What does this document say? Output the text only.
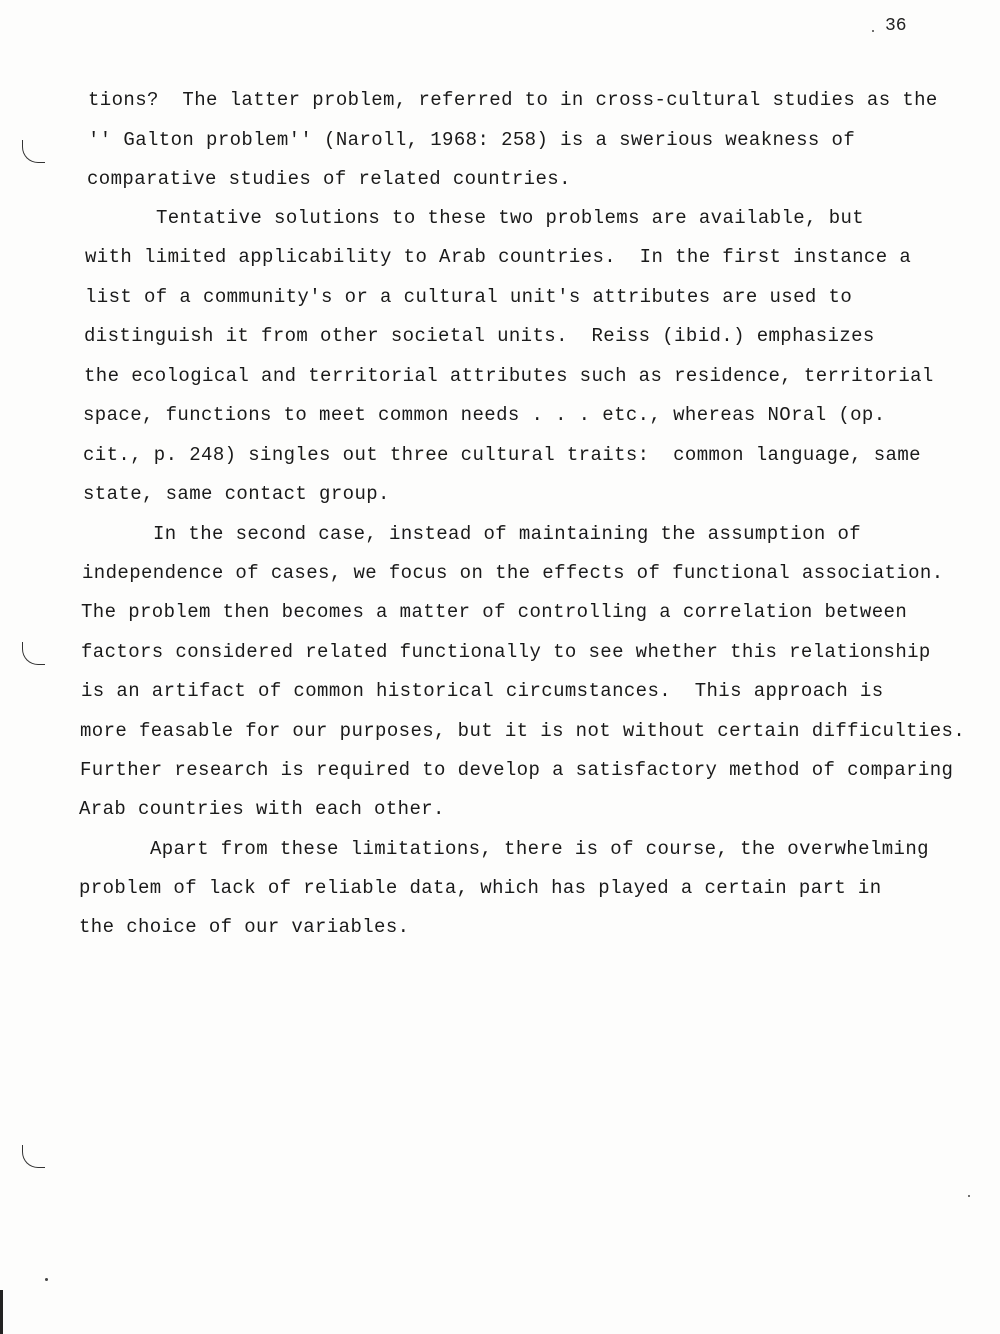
36
tions?  The latter problem, referred to in cross-cultural studies as the
'' Galton problem'' (Naroll, 1968: 258) is a swerious weakness of
comparative studies of related countries.
Tentative solutions to these two problems are available, but
with limited applicability to Arab countries.  In the first instance a
list of a community's or a cultural unit's attributes are used to
distinguish it from other societal units.  Reiss (ibid.) emphasizes
the ecological and territorial attributes such as residence, territorial
space, functions to meet common needs . . . etc., whereas NOral (op.
cit., p. 248) singles out three cultural traits:  common language, same
state, same contact group.
In the second case, instead of maintaining the assumption of
independence of cases, we focus on the effects of functional association.
The problem then becomes a matter of controlling a correlation between
factors considered related functionally to see whether this relationship
is an artifact of common historical circumstances.  This approach is
more feasable for our purposes, but it is not without certain difficulties.
Further research is required to develop a satisfactory method of comparing
Arab countries with each other.
Apart from these limitations, there is of course, the overwhelming
problem of lack of reliable data, which has played a certain part in
the choice of our variables.
